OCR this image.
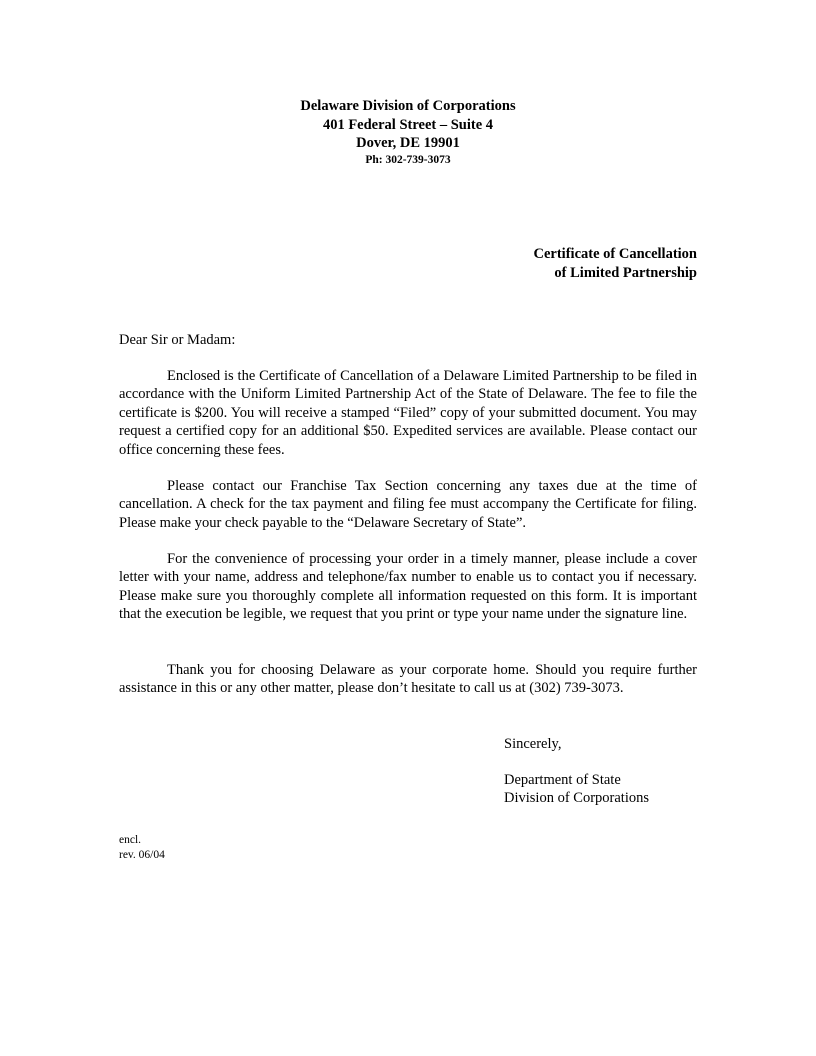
Delaware Division of Corporations
401 Federal Street – Suite 4
Dover, DE 19901
Ph: 302-739-3073
Certificate of Cancellation
of Limited Partnership
Dear Sir or Madam:
Enclosed is the Certificate of Cancellation of a Delaware Limited Partnership to be filed in accordance with the Uniform Limited Partnership Act of the State of Delaware. The fee to file the certificate is $200. You will receive a stamped “Filed” copy of your submitted document. You may request a certified copy for an additional $50. Expedited services are available. Please contact our office concerning these fees.
Please contact our Franchise Tax Section concerning any taxes due at the time of cancellation. A check for the tax payment and filing fee must accompany the Certificate for filing. Please make your check payable to the “Delaware Secretary of State”.
For the convenience of processing your order in a timely manner, please include a cover letter with your name, address and telephone/fax number to enable us to contact you if necessary. Please make sure you thoroughly complete all information requested on this form. It is important that the execution be legible, we request that you print or type your name under the signature line.
Thank you for choosing Delaware as your corporate home. Should you require further assistance in this or any other matter, please don’t hesitate to call us at (302) 739-3073.
Sincerely,
Department of State
Division of Corporations
encl.
rev. 06/04
